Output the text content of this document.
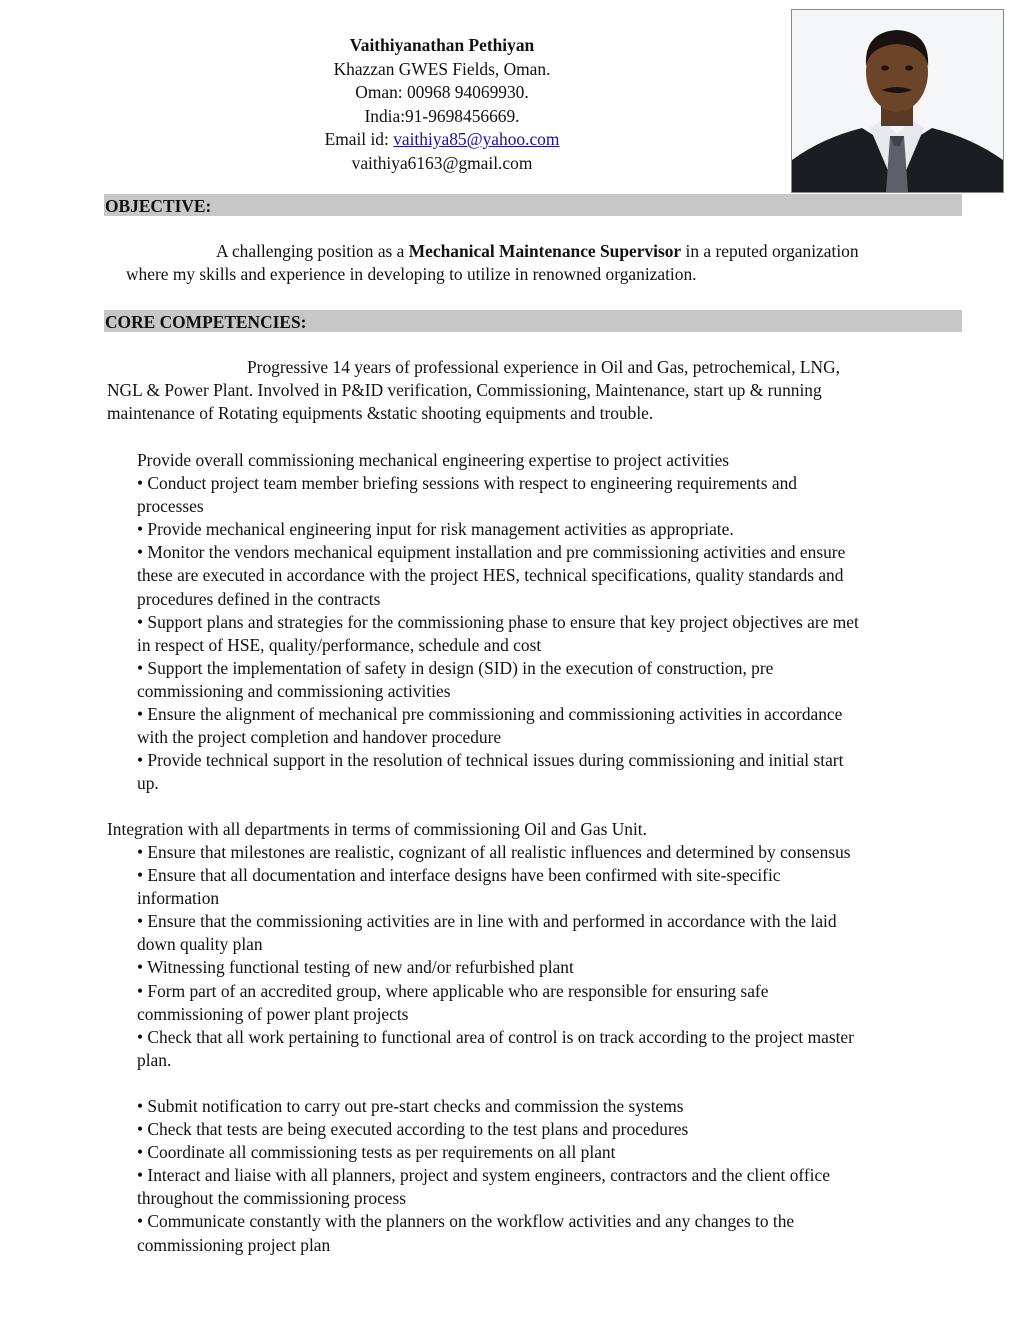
Vaithiyanathan Pethiyan
Khazzan GWES Fields, Oman.
Oman: 00968 94069930.
India:91-9698456669.
Email id: vaithiya85@yahoo.com
vaithiya6163@gmail.com
OBJECTIVE:
A challenging position as a Mechanical Maintenance Supervisor in a reputed organization
where my skills and experience in developing to utilize in renowned organization.
CORE COMPETENCIES:
Progressive 14 years of professional experience in Oil and Gas, petrochemical, LNG,
NGL & Power Plant. Involved in P&ID verification, Commissioning, Maintenance, start up & running
maintenance of Rotating equipments &static shooting equipments and trouble.
Provide overall commissioning mechanical engineering expertise to project activities
• Conduct project team member briefing sessions with respect to engineering requirements and
processes
• Provide mechanical engineering input for risk management activities as appropriate.
• Monitor the vendors mechanical equipment installation and pre commissioning activities and ensure
these are executed in accordance with the project HES, technical specifications, quality standards and
procedures defined in the contracts
• Support plans and strategies for the commissioning phase to ensure that key project objectives are met
in respect of HSE, quality/performance, schedule and cost
• Support the implementation of safety in design (SID) in the execution of construction, pre
commissioning and commissioning activities
• Ensure the alignment of mechanical pre commissioning and commissioning activities in accordance
with the project completion and handover procedure
• Provide technical support in the resolution of technical issues during commissioning and initial start
up.
Integration with all departments in terms of commissioning Oil and Gas Unit.
• Ensure that milestones are realistic, cognizant of all realistic influences and determined by consensus
• Ensure that all documentation and interface designs have been confirmed with site-specific
information
• Ensure that the commissioning activities are in line with and performed in accordance with the laid
down quality plan
• Witnessing functional testing of new and/or refurbished plant
• Form part of an accredited group, where applicable who are responsible for ensuring safe
commissioning of power plant projects
• Check that all work pertaining to functional area of control is on track according to the project master
plan.
• Submit notification to carry out pre-start checks and commission the systems
• Check that tests are being executed according to the test plans and procedures
• Coordinate all commissioning tests as per requirements on all plant
• Interact and liaise with all planners, project and system engineers, contractors and the client office
throughout the commissioning process
• Communicate constantly with the planners on the workflow activities and any changes to the
commissioning project plan
